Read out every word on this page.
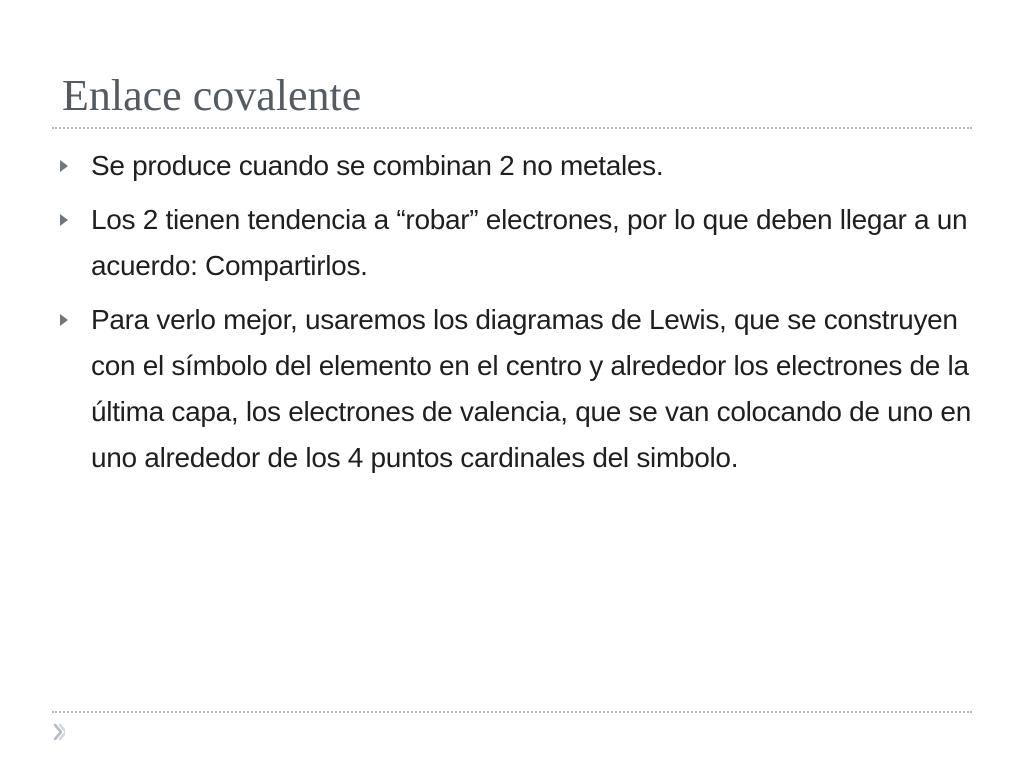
Enlace covalente
Se produce cuando se combinan 2 no metales.
Los 2 tienen tendencia a “robar” electrones, por lo que deben llegar a un acuerdo: Compartirlos.
Para verlo mejor, usaremos los diagramas de Lewis, que se construyen con el símbolo del elemento en el centro y alrededor los electrones de la última capa, los electrones de valencia, que se van colocando de uno en uno alrededor de los 4 puntos cardinales del simbolo.
